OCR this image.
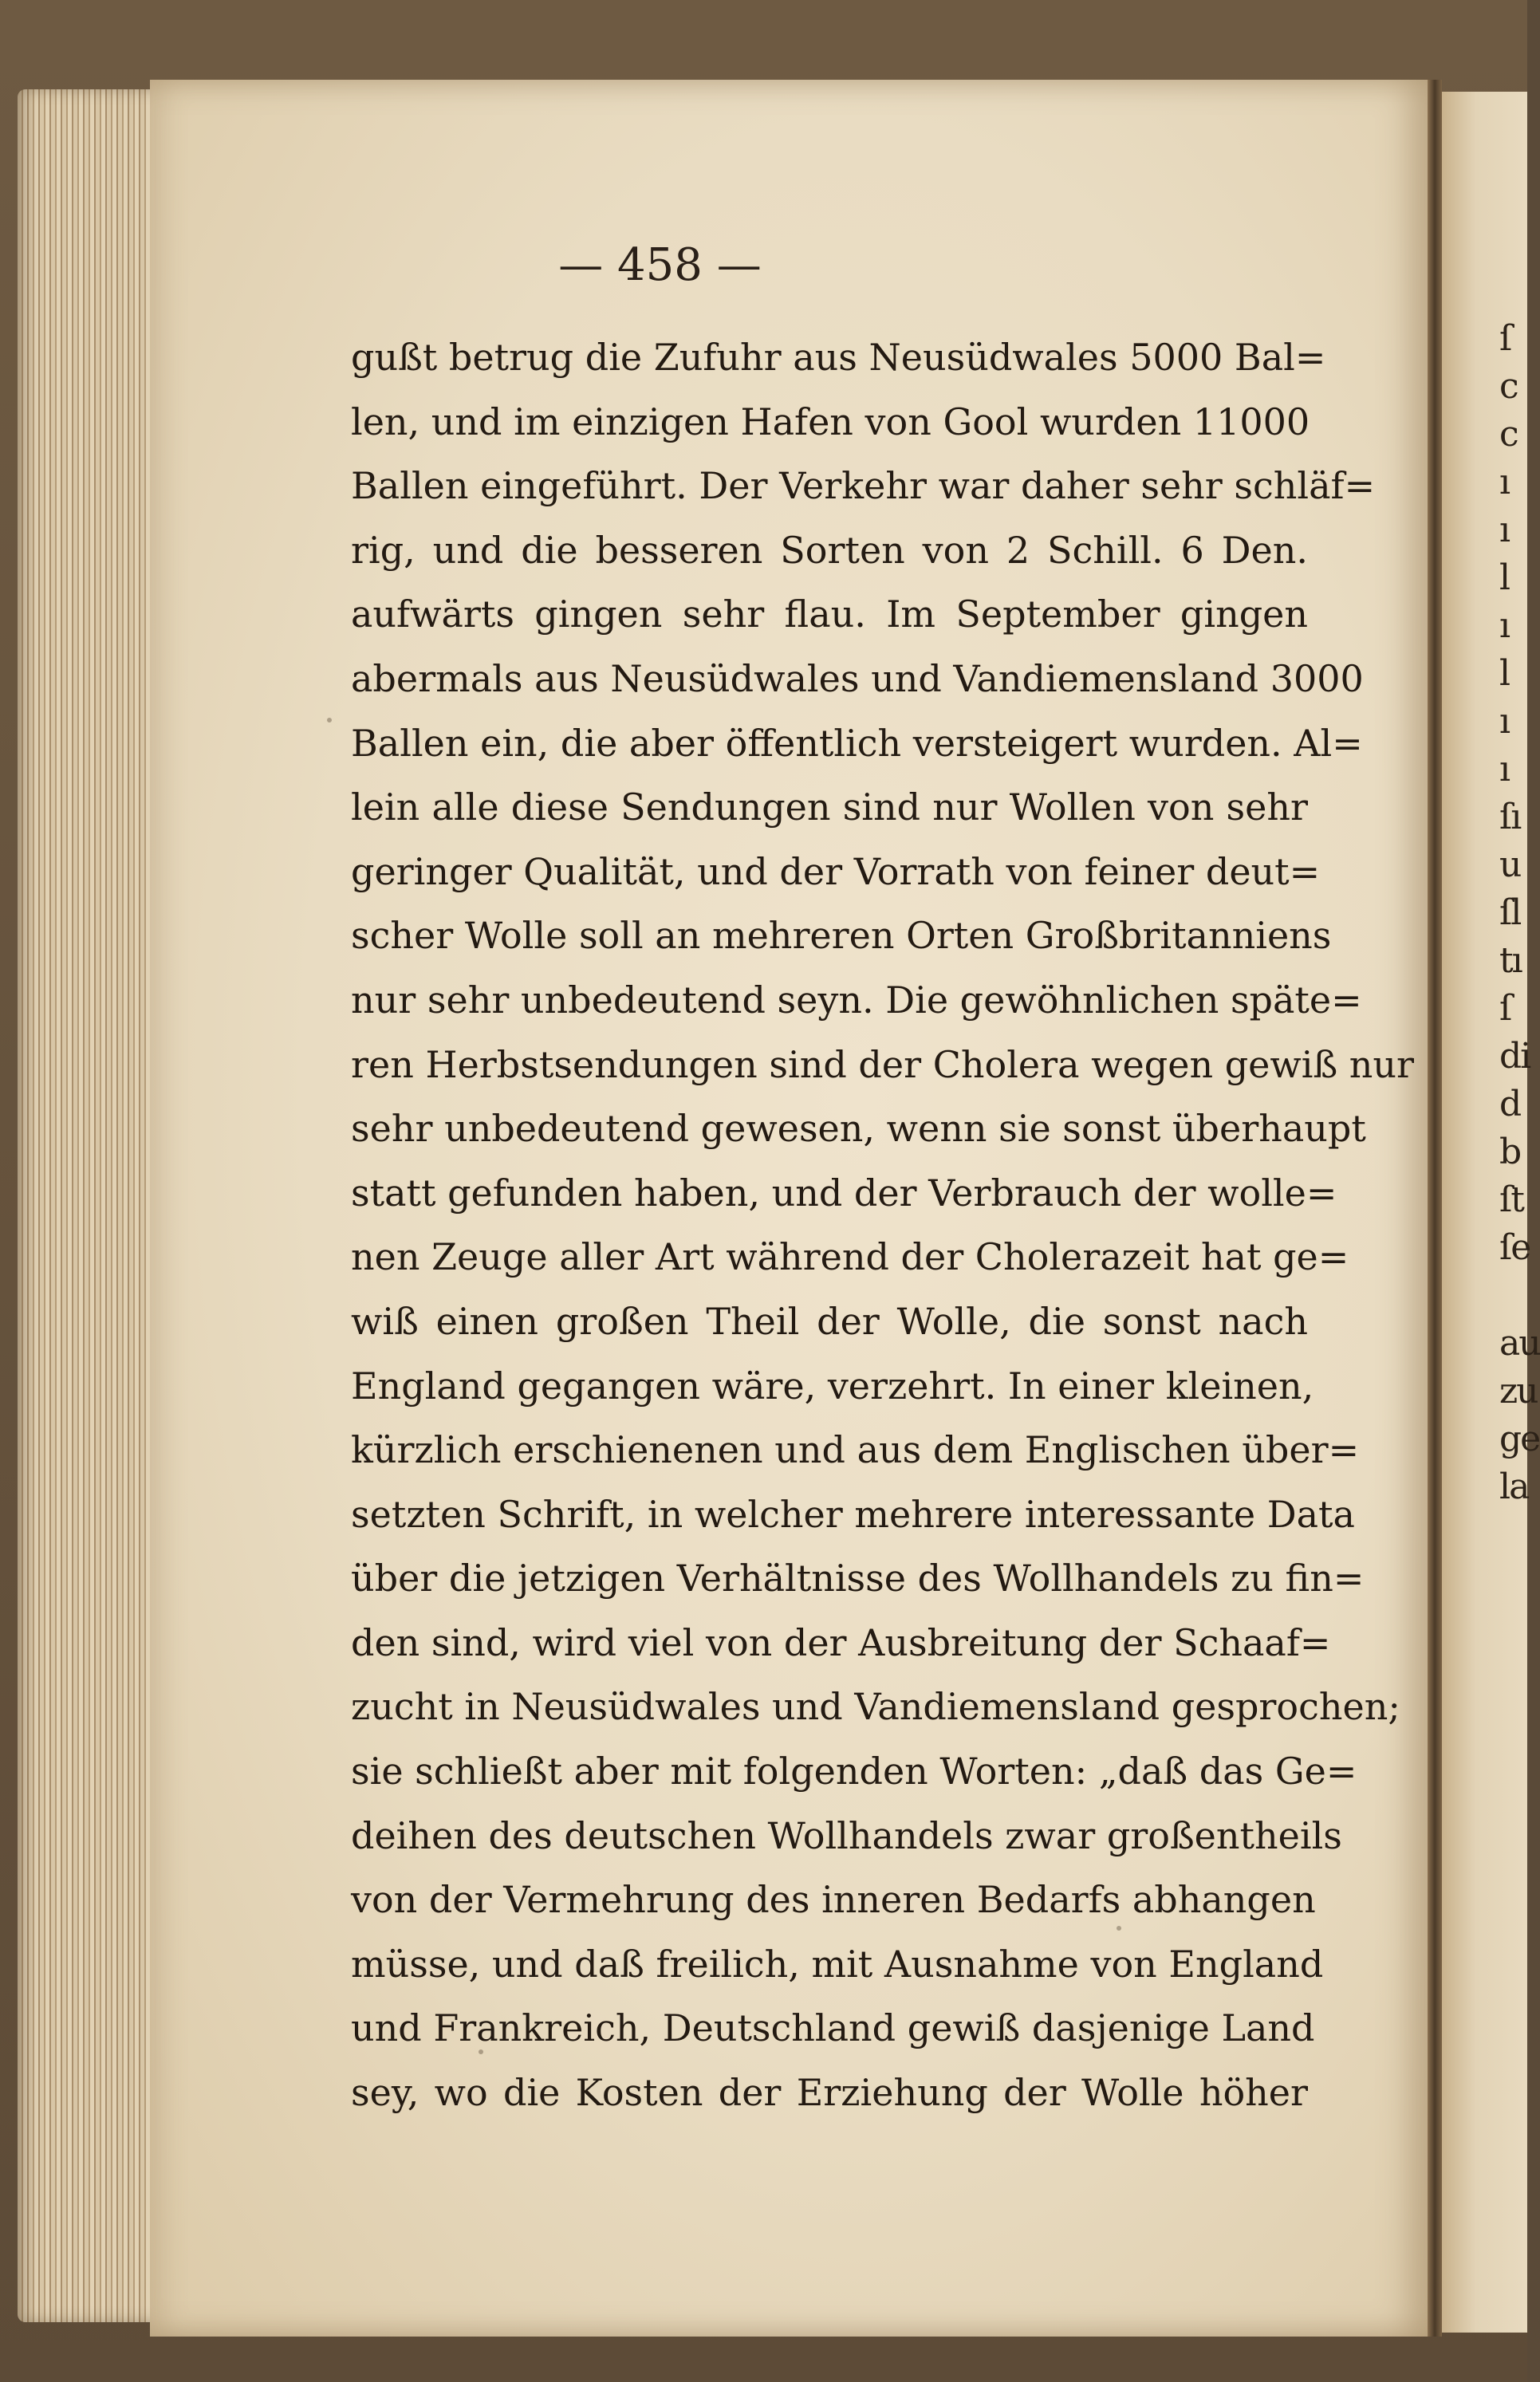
— 458 —
gußt betrug die Zufuhr aus Neusüdwales 5000 Bal=
len, und im einzigen Hafen von Gool wurden 11000
Ballen eingeführt. Der Verkehr war daher sehr schläf=
rig, und die besseren Sorten von 2 Schill. 6 Den.
aufwärts gingen sehr flau. Im September gingen
abermals aus Neusüdwales und Vandiemensland 3000
Ballen ein, die aber öffentlich versteigert wurden. Al=
lein alle diese Sendungen sind nur Wollen von sehr
geringer Qualität, und der Vorrath von feiner deut=
scher Wolle soll an mehreren Orten Großbritanniens
nur sehr unbedeutend seyn. Die gewöhnlichen späte=
ren Herbstsendungen sind der Cholera wegen gewiß nur
sehr unbedeutend gewesen, wenn sie sonst überhaupt
statt gefunden haben, und der Verbrauch der wolle=
nen Zeuge aller Art während der Cholerazeit hat ge=
wiß einen großen Theil der Wolle, die sonst nach
England gegangen wäre, verzehrt. In einer kleinen,
kürzlich erschienenen und aus dem Englischen über=
setzten Schrift, in welcher mehrere interessante Data
über die jetzigen Verhältnisse des Wollhandels zu fin=
den sind, wird viel von der Ausbreitung der Schaaf=
zucht in Neusüdwales und Vandiemensland gesprochen;
sie schließt aber mit folgenden Worten: „daß das Ge=
deihen des deutschen Wollhandels zwar großentheils
von der Vermehrung des inneren Bedarfs abhangen
müsse, und daß freilich, mit Ausnahme von England
und Frankreich, Deutschland gewiß dasjenige Land
sey, wo die Kosten der Erziehung der Wolle höher
ſ
c
c
ı
ı
l
ı
l
ı
ı
ſı
u
ſl
tı
ſ
di
d
b
ſt
ſe
au
zu
ge
la
